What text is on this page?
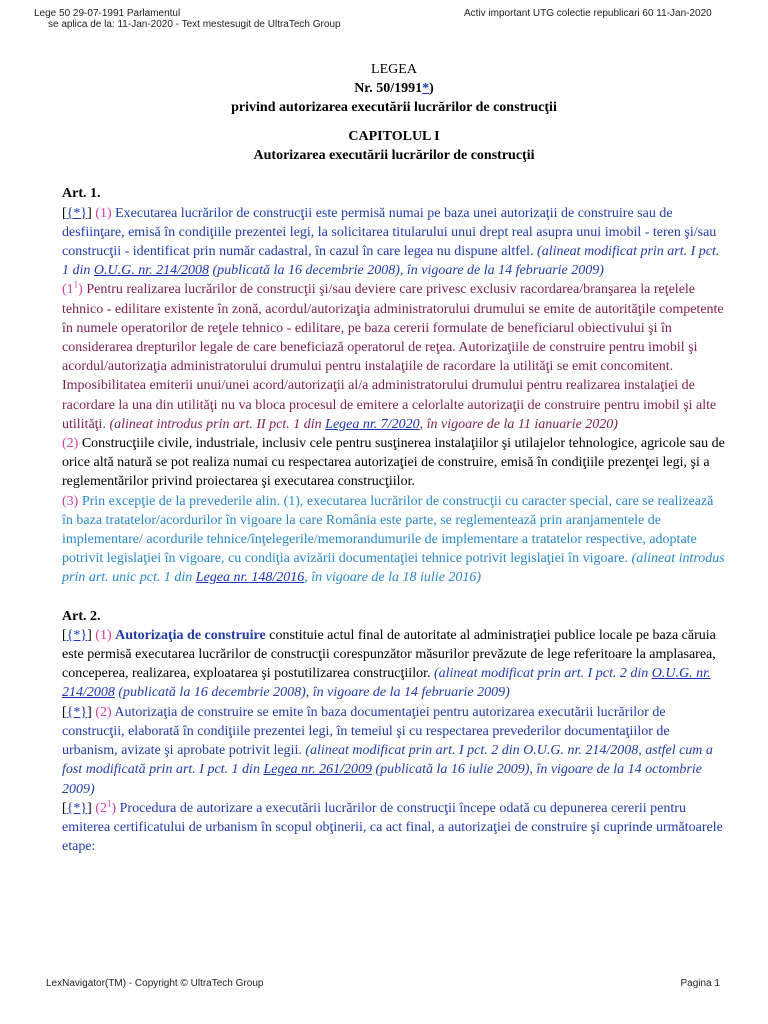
Lege 50 29-07-1991 Parlamentul
se aplica de la: 11-Jan-2020 - Text mestesugit de UltraTech Group
Activ important UTG colectie republicari 60 11-Jan-2020
LEGEA
Nr. 50/1991*)
privind autorizarea executării lucrărilor de construcţii
CAPITOLUL I
Autorizarea executării lucrărilor de construcţii

Art. 1.

[{*}] (1) Executarea lucrărilor de construcţii este permisă numai pe baza unei autorizaţii de construire sau de desfiinţare, emisă în condiţiile prezentei legi, la solicitarea titularului unui drept real asupra unui imobil - teren şi/sau construcţii - identificat prin număr cadastral, în cazul în care legea nu dispune altfel. (alineat modificat prin art. I pct. 1 din O.U.G. nr. 214/2008 (publicată la 16 decembrie 2008), în vigoare de la 14 februarie 2009)

$(1^1)$ Pentru realizarea lucrărilor de construcţii şi/sau deviere care privesc exclusiv racordarea/branşarea la reţelele tehnico - edilitare existente în zonă, acordul/autorizaţia administratorului drumului se emite de autorităţile competente în numele operatorilor de reţele tehnico - edilitare, pe baza cererii formulate de beneficiarul obiectivului şi în considerarea drepturilor legale de care beneficiază operatorul de reţea. Autorizaţiile de construire pentru imobil şi acordul/autorizaţia administratorului drumului pentru instalaţiile de racordare la utilităţi se emit concomitent. Imposibilitatea emiterii unui/unei acord/autorizaţii al/a administratorului drumului pentru realizarea instalaţiei de racordare la una din utilităţi nu va bloca procesul de emitere a celorlalte autorizaţii de construire pentru imobil şi alte utilităţi. (alineat introdus prin art. II pct. 1 din Legea nr. 7/2020, în vigoare de la 11 ianuarie 2020)

(2) Construcţiile civile, industriale, inclusiv cele pentru susţinerea instalaţiilor şi utilajelor tehnologice, agricole sau de orice altă natură se pot realiza numai cu respectarea autorizaţiei de construire, emisă în condiţiile prezenţei legi, şi a reglementărilor privind proiectarea şi executarea construcţiilor.

(3) Prin excepţie de la prevederile alin. (1), executarea lucrărilor de construcţii cu caracter special, care se realizează în baza tratatelor/acordurilor în vigoare la care România este parte, se reglementează prin aranjamentele de implementare/ acordurile tehnice/înţelegerile/memorandumurile de implementare a tratatelor respective, adoptate potrivit legislaţiei în vigoare, cu condiţia avizării documentaţiei tehnice potrivit legislaţiei în vigoare. (alineat introdus prin art. unic pct. 1 din Legea nr. 148/2016, în vigoare de la 18 iulie 2016)

Art. 2.

[{*}] (1) Autorizaţia de construire constituie actul final de autoritate al administraţiei publice locale pe baza căruia este permisă executarea lucrărilor de construcţii corespunzător măsurilor prevăzute de lege referitoare la amplasarea, conceperea, realizarea, exploatarea şi postutilizarea construcţiilor. (alineat modificat prin art. I pct. 2 din O.U.G. nr. 214/2008 (publicată la 16 decembrie 2008), în vigoare de la 14 februarie 2009)

[{*}] (2) Autorizaţia de construire se emite în baza documentaţiei pentru autorizarea executării lucrărilor de construcţii, elaborată în condiţiile prezentei legi, în temeiul şi cu respectarea prevederilor documentaţiilor de urbanism, avizate şi aprobate potrivit legii. (alineat modificat prin art. I pct. 2 din O.U.G. nr. 214/2008, astfel cum a fost modificată prin art. I pct. 1 din Legea nr. 261/2009 (publicată la 16 iulie 2009), în vigoare de la 14 octombrie 2009)

[{*}] $(2^1)$ Procedura de autorizare a executării lucrărilor de construcţii începe odată cu depunerea cererii pentru emiterea certificatului de urbanism în scopul obţinerii, ca act final, a autorizaţiei de construire şi cuprinde următoarele etape:

LexNavigator(TM) - Copyright © UltraTech Group	Pagina 1
